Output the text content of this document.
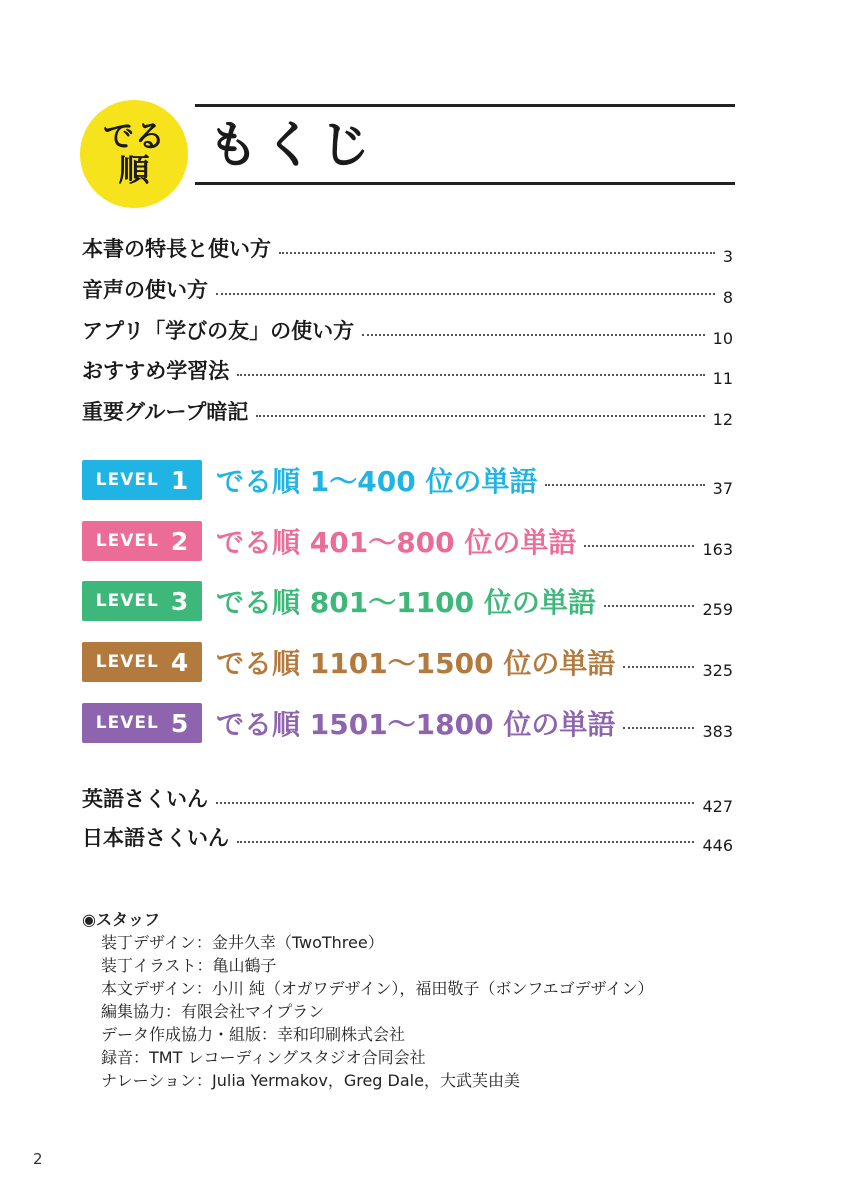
でる
順 もくじ
本書の特長と使い方	3
音声の使い方	8
アプリ「学びの友」の使い方	10
おすすめ学習法	11
重要グループ暗記	12
LEVEL 1 でる順 1～400 位の単語	37
LEVEL 2 でる順 401～800 位の単語	163
LEVEL 3 でる順 801～1100 位の単語	259
LEVEL 4 でる順 1101～1500 位の単語	325
LEVEL 5 でる順 1501～1800 位の単語	383
英語さくいん	427
日本語さくいん	446
◉スタッフ
装丁デザイン：金井久幸（TwoThree）
装丁イラスト：亀山鶴子
本文デザイン：小川 純（オガワデザイン），福田敬子（ボンフエゴデザイン）
編集協力：有限会社マイプラン
データ作成協力・組版：幸和印刷株式会社
録音：TMT レコーディングスタジオ合同会社
ナレーション：Julia Yermakov，Greg Dale，大武芙由美
2
